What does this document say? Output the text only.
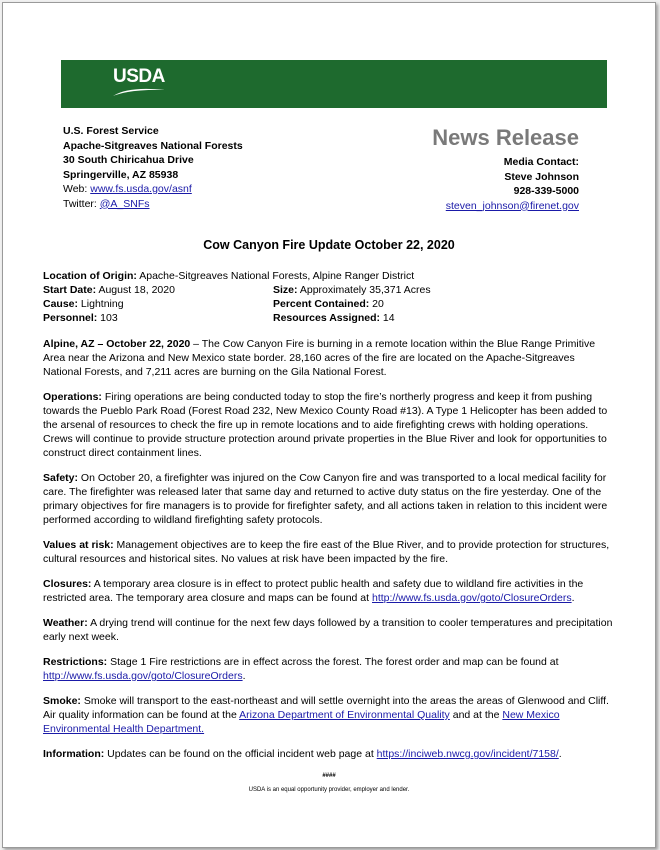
USDA
U.S. Forest Service
Apache-Sitgreaves National Forests
30 South Chiricahua Drive
Springerville, AZ 85938
Web: www.fs.usda.gov/asnf
Twitter: @A_SNFs
News Release
Media Contact:
Steve Johnson
928-339-5000
steven_johnson@firenet.gov
Cow Canyon Fire Update October 22, 2020
Location of Origin: Apache-Sitgreaves National Forests, Alpine Ranger District
Start Date: August 18, 2020	Size: Approximately 35,371 Acres
Cause: Lightning	Percent Contained: 20
Personnel: 103	Resources Assigned: 14

Alpine, AZ – October 22, 2020 – The Cow Canyon Fire is burning in a remote location within the Blue Range Primitive Area near the Arizona and New Mexico state border. 28,160 acres of the fire are located on the Apache-Sitgreaves National Forests, and 7,211 acres are burning on the Gila National Forest.

Operations: Firing operations are being conducted today to stop the fire’s northerly progress and keep it from pushing towards the Pueblo Park Road (Forest Road 232, New Mexico County Road #13). A Type 1 Helicopter has been added to the arsenal of resources to check the fire up in remote locations and to aide firefighting crews with holding operations. Crews will continue to provide structure protection around private properties in the Blue River and look for opportunities to construct direct containment lines.

Safety: On October 20, a firefighter was injured on the Cow Canyon fire and was transported to a local medical facility for care. The firefighter was released later that same day and returned to active duty status on the fire yesterday. One of the primary objectives for fire managers is to provide for firefighter safety, and all actions taken in relation to this incident were performed according to wildland firefighting safety protocols.

Values at risk: Management objectives are to keep the fire east of the Blue River, and to provide protection for structures, cultural resources and historical sites. No values at risk have been impacted by the fire.

Closures: A temporary area closure is in effect to protect public health and safety due to wildland fire activities in the restricted area. The temporary area closure and maps can be found at http://www.fs.usda.gov/goto/ClosureOrders.

Weather: A drying trend will continue for the next few days followed by a transition to cooler temperatures and precipitation early next week.

Restrictions: Stage 1 Fire restrictions are in effect across the forest. The forest order and map can be found at http://www.fs.usda.gov/goto/ClosureOrders.

Smoke: Smoke will transport to the east-northeast and will settle overnight into the areas the areas of Glenwood and Cliff. Air quality information can be found at the Arizona Department of Environmental Quality and at the New Mexico Environmental Health Department.

Information: Updates can be found on the official incident web page at https://inciweb.nwcg.gov/incident/7158/.

####
USDA is an equal opportunity provider, employer and lender.
